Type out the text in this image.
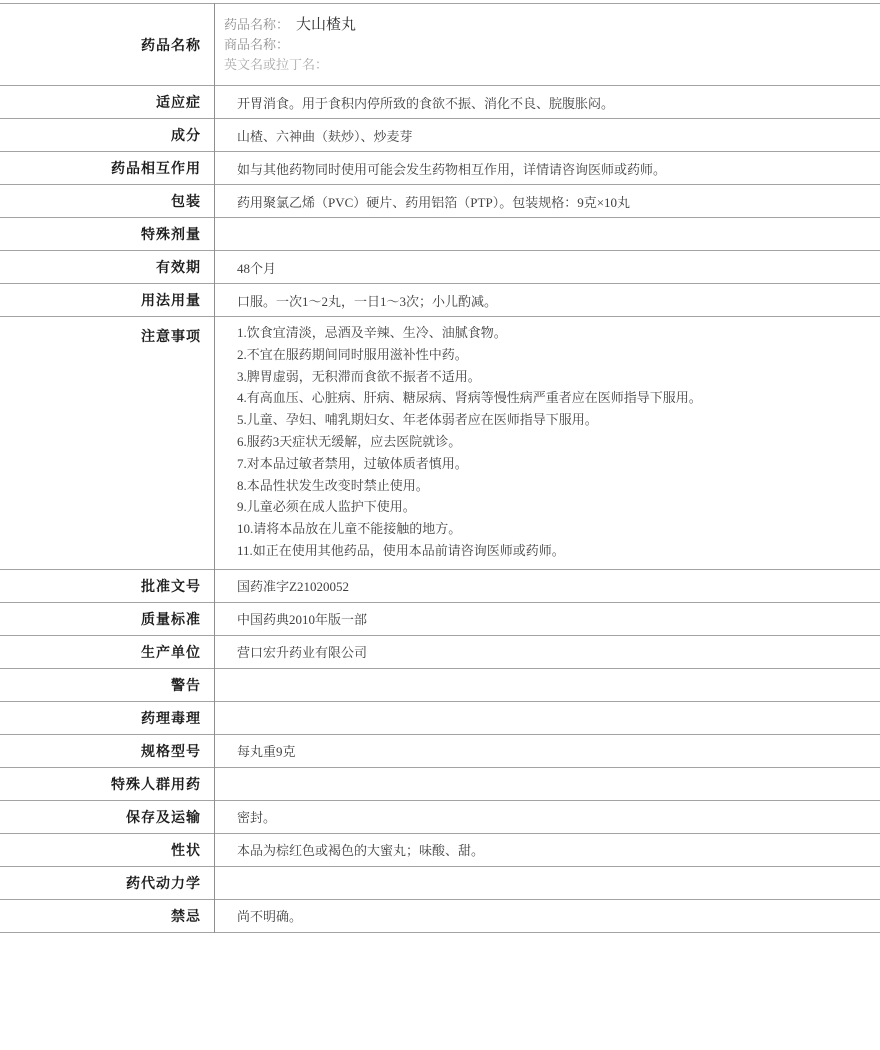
药品名称	药品名称： 大山楂丸
商品名称：
英文名或拉丁名：

适应症	开胃消食。用于食积内停所致的食欲不振、消化不良、脘腹胀闷。
成分	山楂、六神曲（麸炒）、炒麦芽
药品相互作用	如与其他药物同时使用可能会发生药物相互作用，详情请咨询医师或药师。
包装	药用聚氯乙烯（PVC）硬片、药用铝箔（PTP）。包装规格：9克×10丸
特殊剂量	
有效期	48个月
用法用量	口服。一次1～2丸，一日1～3次；小儿酌减。
注意事项	1.饮食宜清淡，忌酒及辛辣、生冷、油腻食物。
2.不宜在服药期间同时服用滋补性中药。
3.脾胃虚弱，无积滞而食欲不振者不适用。
4.有高血压、心脏病、肝病、糖尿病、肾病等慢性病严重者应在医师指导下服用。
5.儿童、孕妇、哺乳期妇女、年老体弱者应在医师指导下服用。
6.服药3天症状无缓解，应去医院就诊。
7.对本品过敏者禁用，过敏体质者慎用。
8.本品性状发生改变时禁止使用。
9.儿童必须在成人监护下使用。
10.请将本品放在儿童不能接触的地方。
11.如正在使用其他药品，使用本品前请咨询医师或药师。

批准文号	国药准字Z21020052
质量标准	中国药典2010年版一部
生产单位	营口宏升药业有限公司
警告	
药理毒理	
规格型号	每丸重9克
特殊人群用药	
保存及运输	密封。
性状	本品为棕红色或褐色的大蜜丸；味酸、甜。
药代动力学	
禁忌	尚不明确。
